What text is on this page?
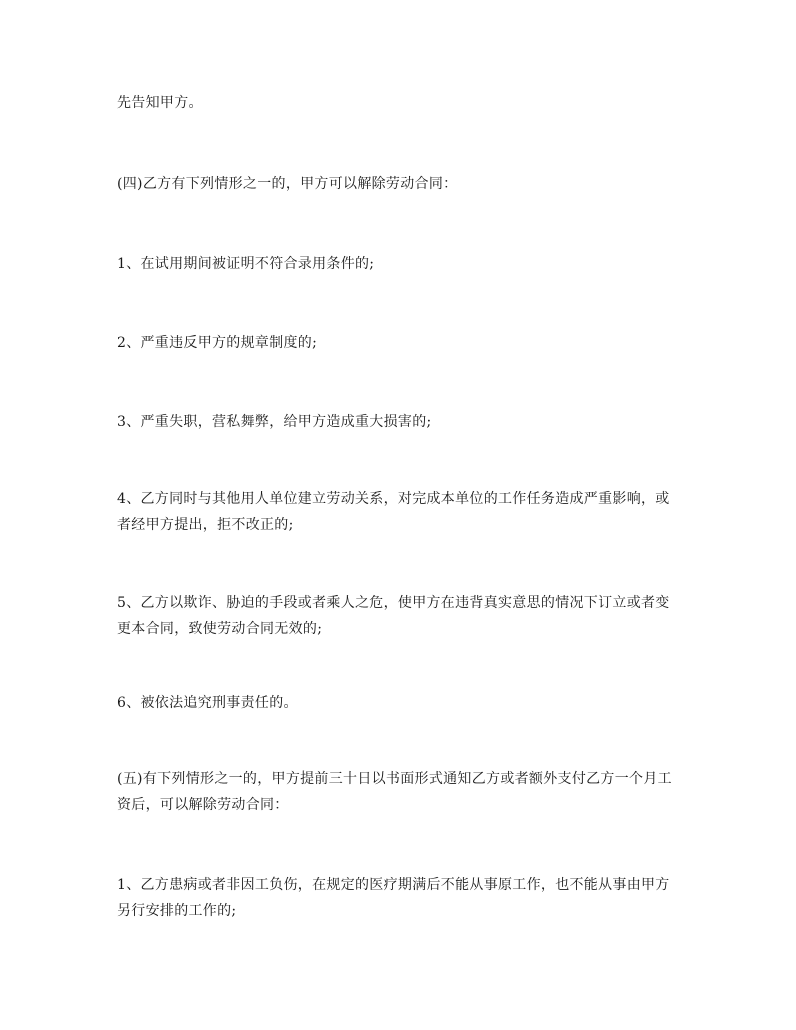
先告知甲方。

(四)乙方有下列情形之一的，甲方可以解除劳动合同：

1、在试用期间被证明不符合录用条件的;

2、严重违反甲方的规章制度的;

3、严重失职，营私舞弊，给甲方造成重大损害的;

4、乙方同时与其他用人单位建立劳动关系，对完成本单位的工作任务造成严重影响，或者经甲方提出，拒不改正的;

5、乙方以欺诈、胁迫的手段或者乘人之危，使甲方在违背真实意思的情况下订立或者变更本合同，致使劳动合同无效的;

6、被依法追究刑事责任的。

(五)有下列情形之一的，甲方提前三十日以书面形式通知乙方或者额外支付乙方一个月工资后，可以解除劳动合同：

1、乙方患病或者非因工负伤，在规定的医疗期满后不能从事原工作，也不能从事由甲方另行安排的工作的;
